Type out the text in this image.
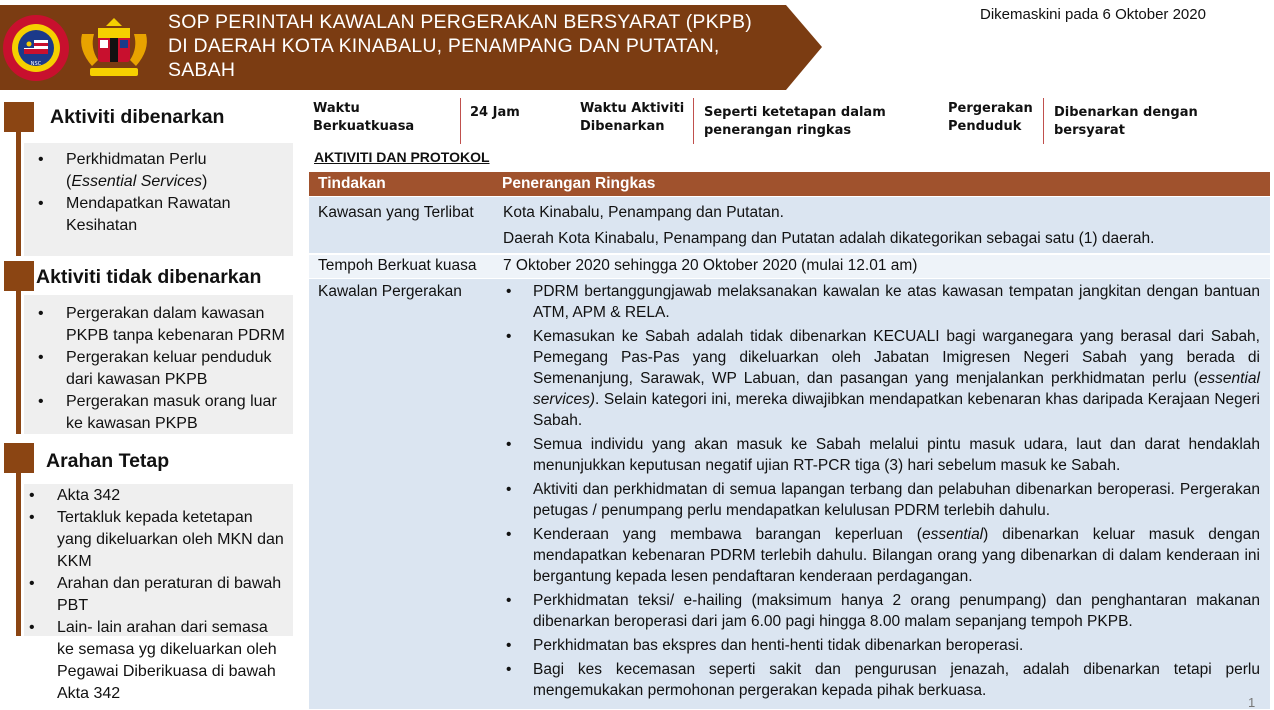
SOP PERINTAH KAWALAN PERGERAKAN BERSYARAT (PKPB) DI DAERAH KOTA KINABALU, PENAMPANG DAN PUTATAN, SABAH
Dikemaskini pada 6 Oktober 2020
NSC
Aktiviti dibenarkan
• Perkhidmatan Perlu
(Essential Services)
• Mendapatkan Rawatan Kesihatan
Aktiviti tidak dibenarkan
• Pergerakan dalam kawasan PKPB tanpa kebenaran PDRM
• Pergerakan keluar penduduk dari kawasan PKPB
• Pergerakan masuk orang luar ke kawasan PKPB
Arahan Tetap
• Akta 342
• Tertakluk kepada ketetapan yang dikeluarkan oleh MKN dan KKM
• Arahan dan peraturan di bawah PBT
• Lain- lain arahan dari semasa ke semasa yg dikeluarkan oleh Pegawai Diberikuasa di bawah Akta 342
Waktu Berkuatkuasa
24 Jam	Waktu Aktiviti Dibenarkan
Seperti ketetapan dalam penerangan ringkas
Pergerakan Penduduk
Dibenarkan dengan bersyarat
AKTIVITI DAN PROTOKOL
Tindakan	Penerangan Ringkas
Kawasan yang Terlibat Kota Kinabalu, Penampang dan Putatan.
Daerah Kota Kinabalu, Penampang dan Putatan adalah dikategorikan sebagai satu (1) daerah.
Tempoh Berkuat kuasa 7 Oktober 2020 sehingga 20 Oktober 2020 (mulai 12.01 am)
Kawalan Pergerakan
•	PDRM bertanggungjawab melaksanakan kawalan ke atas kawasan tempatan jangkitan dengan bantuan ATM, APM & RELA.
• Kemasukan ke Sabah adalah tidak dibenarkan KECUALI bagi warganegara yang berasal dari Sabah, Pemegang Pas-Pas yang dikeluarkan oleh Jabatan Imigresen Negeri Sabah yang berada di Semenanjung, Sarawak, WP Labuan, dan pasangan yang menjalankan perkhidmatan perlu (essential services). Selain kategori ini, mereka diwajibkan mendapatkan kebenaran khas daripada Kerajaan Negeri Sabah.
• Semua individu yang akan masuk ke Sabah melalui pintu masuk udara, laut dan darat hendaklah menunjukkan keputusan negatif ujian RT-PCR tiga (3) hari sebelum masuk ke Sabah.
• Aktiviti dan perkhidmatan di semua lapangan terbang dan pelabuhan dibenarkan beroperasi. Pergerakan petugas / penumpang perlu mendapatkan kelulusan PDRM terlebih dahulu.
• Kenderaan yang membawa barangan keperluan (essential) dibenarkan keluar masuk dengan mendapatkan kebenaran PDRM terlebih dahulu. Bilangan orang yang dibenarkan di dalam kenderaan ini bergantung kepada lesen pendaftaran kenderaan perdagangan.
• Perkhidmatan teksi/ e-hailing (maksimum hanya 2 orang penumpang) dan penghantaran makanan dibenarkan beroperasi dari jam 6.00 pagi hingga 8.00 malam sepanjang tempoh PKPB.
• Perkhidmatan bas ekspres dan henti-henti tidak dibenarkan beroperasi.
• Bagi kes kecemasan seperti sakit dan pengurusan jenazah, adalah dibenarkan tetapi perlu mengemukakan permohonan pergerakan kepada pihak berkuasa.
1
